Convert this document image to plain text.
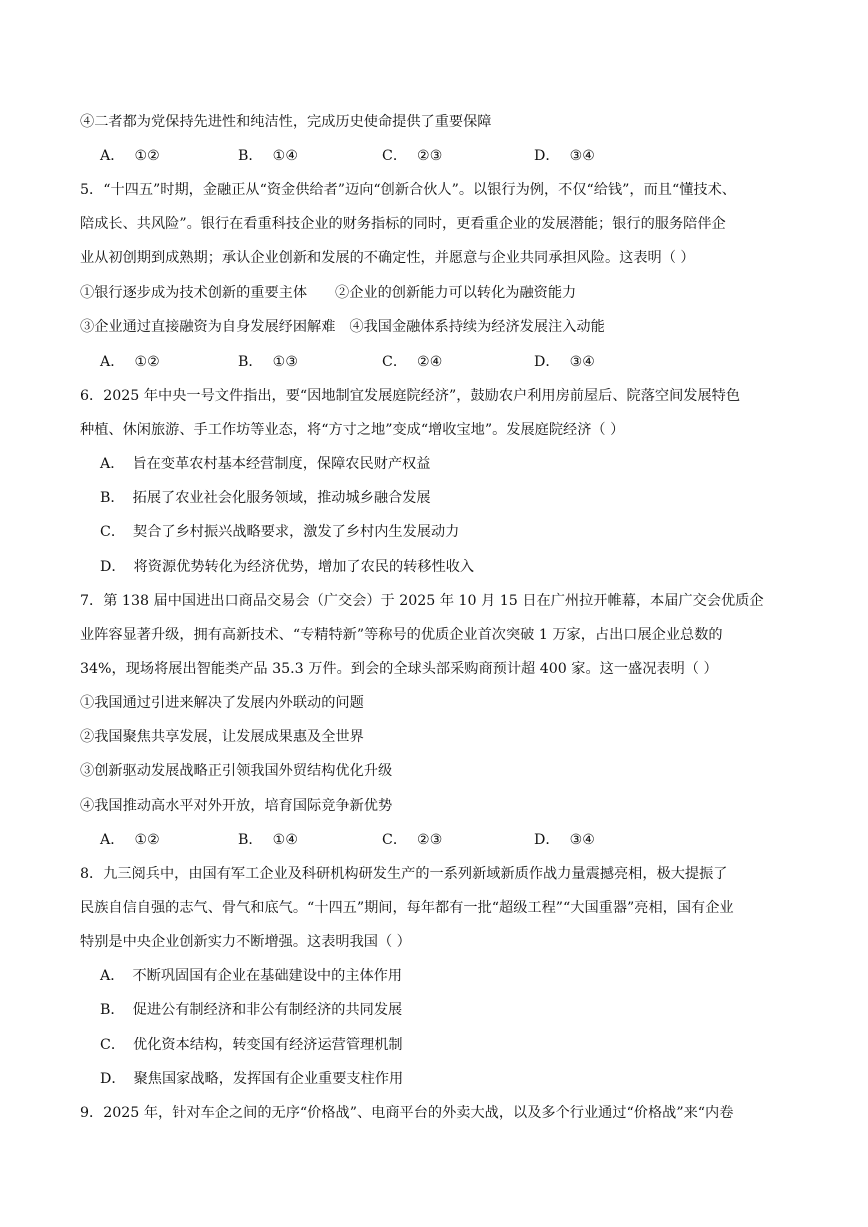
④二者都为党保持先进性和纯洁性，完成历史使命提供了重要保障
A． ①②	B． ①④	C． ②③	D． ③④
5．“十四五”时期，金融正从“资金供给者”迈向“创新合伙人”。以银行为例，不仅“给钱”，而且“懂技术、
陪成长、共风险”。银行在看重科技企业的财务指标的同时，更看重企业的发展潜能；银行的服务陪伴企
业从初创期到成熟期；承认企业创新和发展的不确定性，并愿意与企业共同承担风险。这表明（ ）
①银行逐步成为技术创新的重要主体 ②企业的创新能力可以转化为融资能力
③企业通过直接融资为自身发展纾困解难 ④我国金融体系持续为经济发展注入动能
A． ①②	B． ①③	C． ②④	D． ③④
6．2025 年中央一号文件指出，要“因地制宜发展庭院经济”，鼓励农户利用房前屋后、院落空间发展特色
种植、休闲旅游、手工作坊等业态，将“方寸之地”变成“增收宝地”。发展庭院经济（ ）
A． 旨在变革农村基本经营制度，保障农民财产权益
B． 拓展了农业社会化服务领域，推动城乡融合发展
C． 契合了乡村振兴战略要求，激发了乡村内生发展动力
D． 将资源优势转化为经济优势，增加了农民的转移性收入
7．第 138 届中国进出口商品交易会（广交会）于 2025 年 10 月 15 日在广州拉开帷幕，本届广交会优质企
业阵容显著升级，拥有高新技术、“专精特新”等称号的优质企业首次突破 1 万家，占出口展企业总数的
34%，现场将展出智能类产品 35.3 万件。到会的全球头部采购商预计超 400 家。这一盛况表明（ ）
①我国通过引进来解决了发展内外联动的问题
②我国聚焦共享发展，让发展成果惠及全世界
③创新驱动发展战略正引领我国外贸结构优化升级
④我国推动高水平对外开放，培育国际竞争新优势
A． ①②	B． ①④	C． ②③	D． ③④
8．九三阅兵中，由国有军工企业及科研机构研发生产的一系列新域新质作战力量震撼亮相，极大提振了
民族自信自强的志气、骨气和底气。“十四五”期间，每年都有一批“超级工程”“大国重器”亮相，国有企业
特别是中央企业创新实力不断增强。这表明我国（ ）
A． 不断巩固国有企业在基础建设中的主体作用
B． 促进公有制经济和非公有制经济的共同发展
C． 优化资本结构，转变国有经济运营管理机制
D． 聚焦国家战略，发挥国有企业重要支柱作用
9．2025 年，针对车企之间的无序“价格战”、电商平台的外卖大战，以及多个行业通过“价格战”来“内卷
